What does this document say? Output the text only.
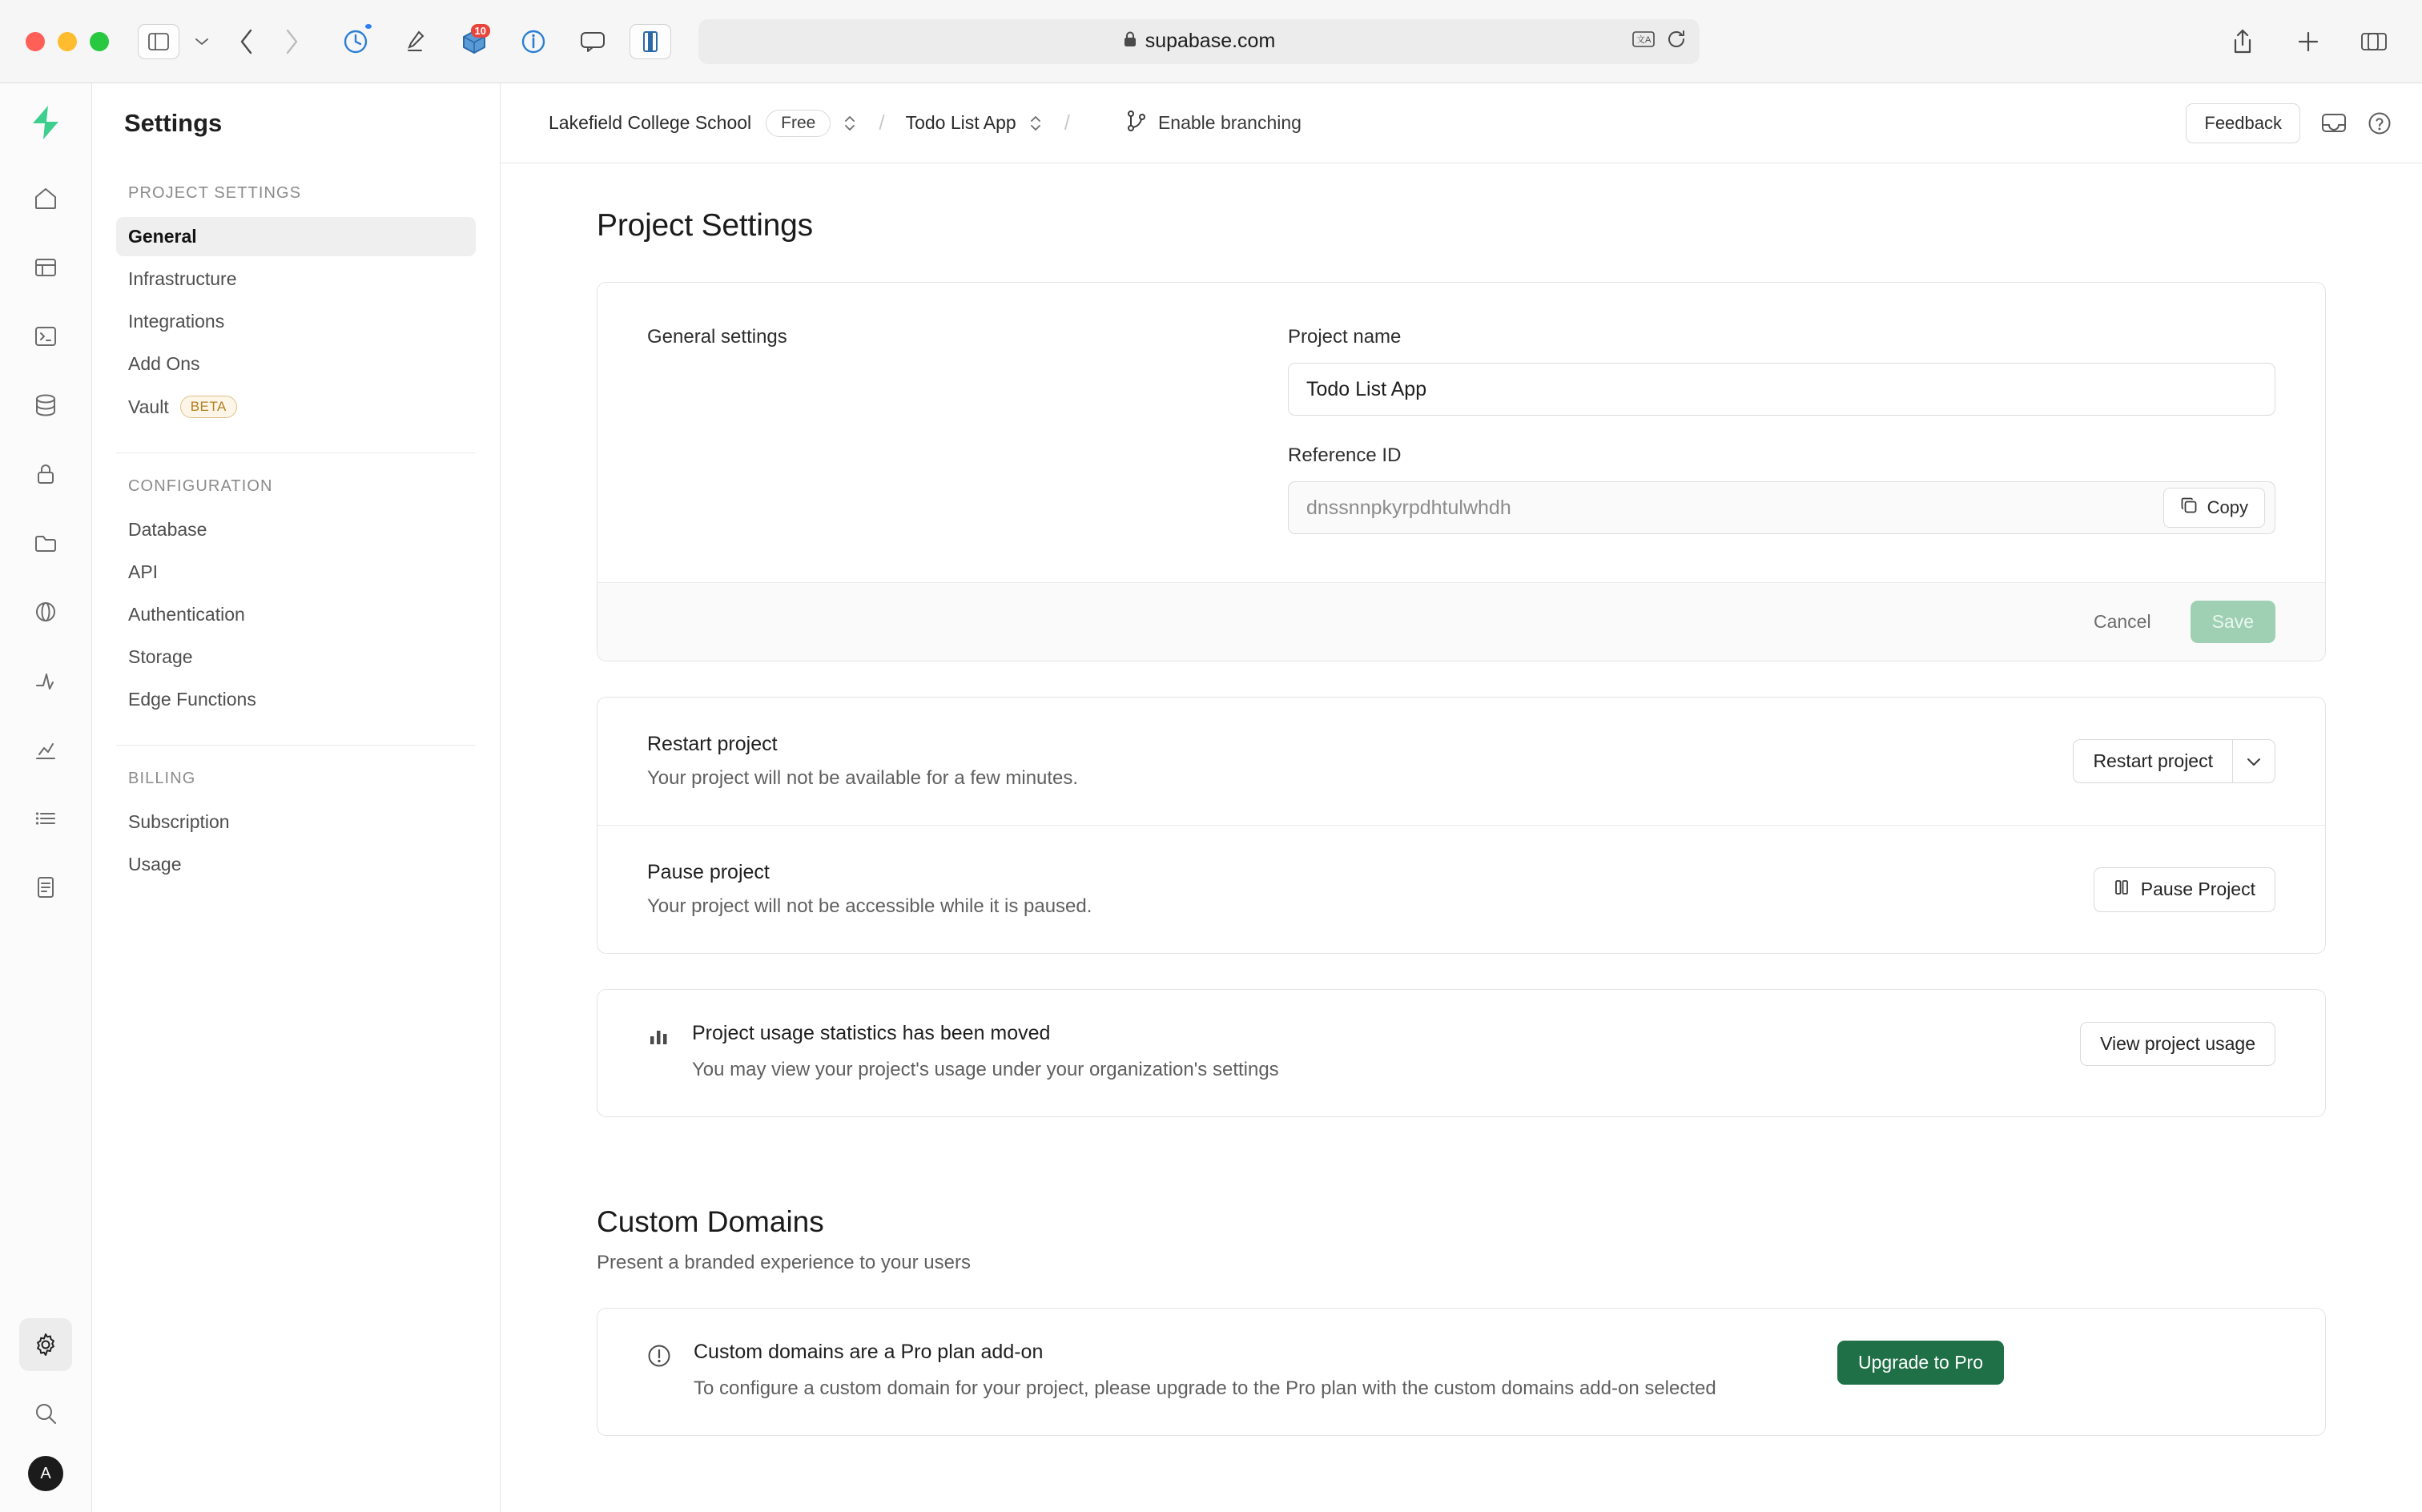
10	supabase.com	文 A
A
Settings
PROJECT SETTINGS
General
Infrastructure
Integrations
Add Ons
Vault	BETA
CONFIGURATION
Database
API
Authentication
Storage
Edge Functions
BILLING
Subscription
Usage
Lakefield College School	Free	/ Todo List App /	Enable branching	Feedback
Project Settings
General settings	Project name
Todo List App
Reference ID
dnssnnpkyrpdhtulwhdh	Copy
Cancel	Save
Restart project
Your project will not be available for a few minutes.
Restart project
Pause project
Your project will not be accessible while it is paused.
Pause Project
Project usage statistics has been moved
You may view your project's usage under your organization's settings
View project usage
Custom Domains
Present a branded experience to your users
Custom domains are a Pro plan add-on
To configure a custom domain for your project, please upgrade to the Pro plan with the custom domains add-on selected
Upgrade to Pro
